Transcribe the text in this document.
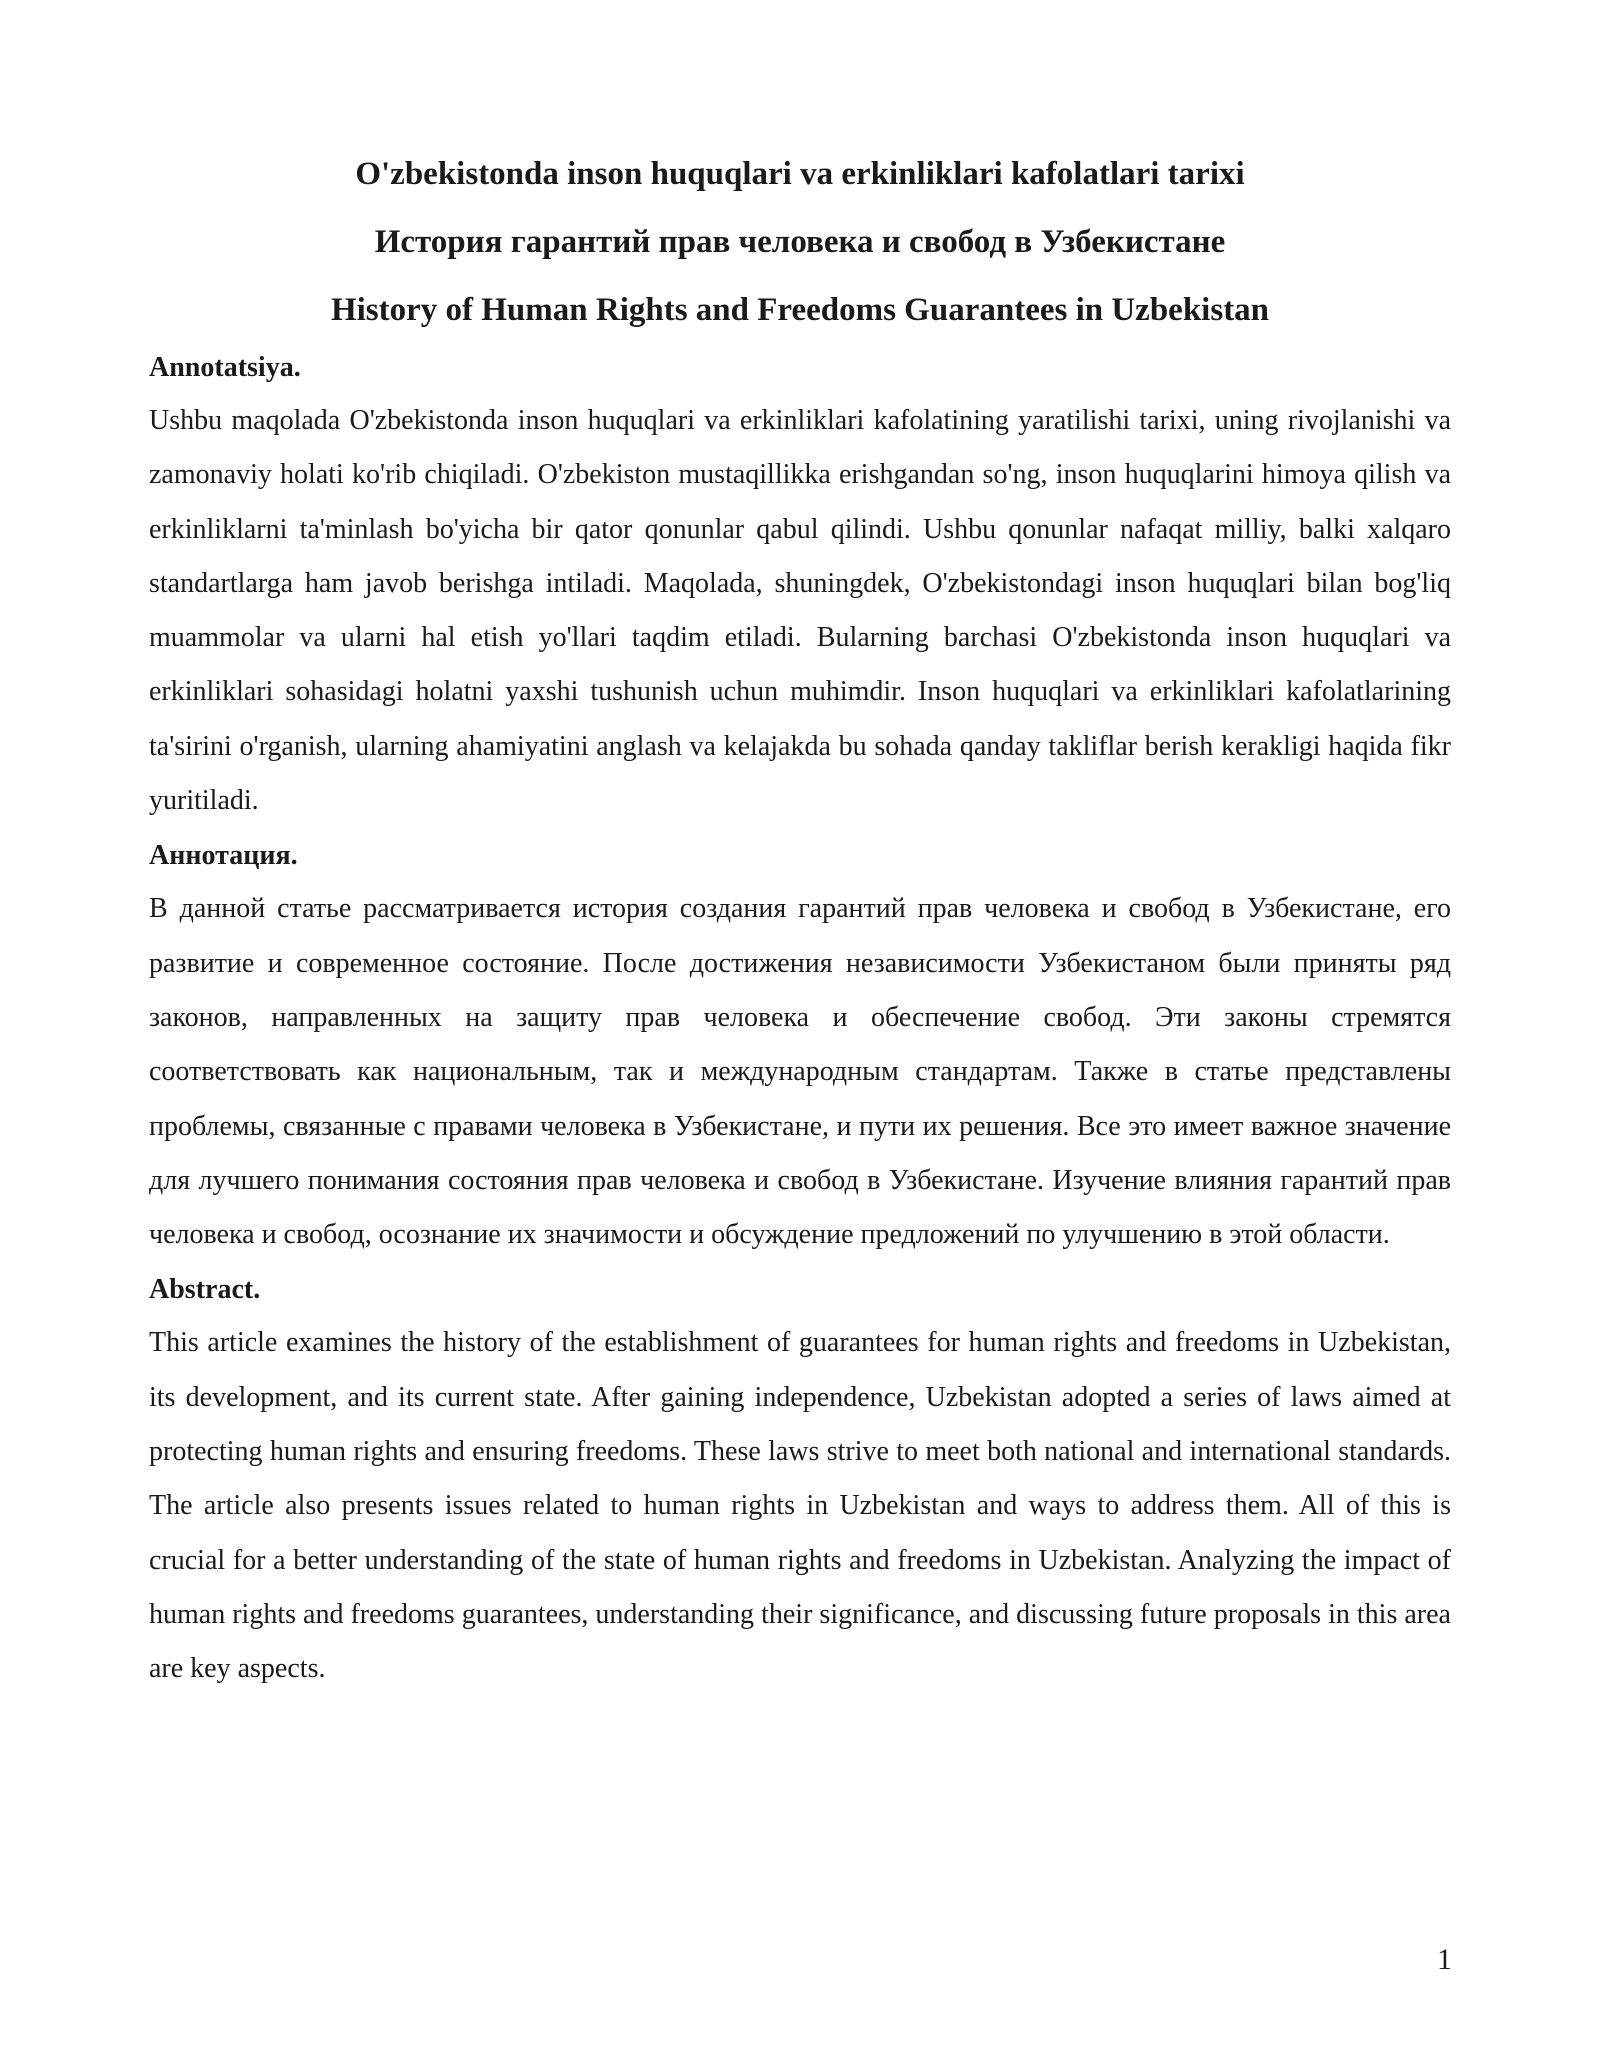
O'zbekistonda inson huquqlari va erkinliklari kafolatlari tarixi
История гарантий прав человека и свобод в Узбекистане
History of Human Rights and Freedoms Guarantees in Uzbekistan
Annotatsiya.

Ushbu maqolada O'zbekistonda inson huquqlari va erkinliklari kafolatining yaratilishi tarixi, uning rivojlanishi va zamonaviy holati ko'rib chiqiladi. O'zbekiston mustaqillikka erishgandan so'ng, inson huquqlarini himoya qilish va erkinliklarni ta'minlash bo'yicha bir qator qonunlar qabul qilindi. Ushbu qonunlar nafaqat milliy, balki xalqaro standartlarga ham javob berishga intiladi. Maqolada, shuningdek, O'zbekistondagi inson huquqlari bilan bog'liq muammolar va ularni hal etish yo'llari taqdim etiladi. Bularning barchasi O'zbekistonda inson huquqlari va erkinliklari sohasidagi holatni yaxshi tushunish uchun muhimdir. Inson huquqlari va erkinliklari kafolatlarining ta'sirini o'rganish, ularning ahamiyatini anglash va kelajakda bu sohada qanday takliflar berish kerakligi haqida fikr yuritiladi.

Аннотация.

В данной статье рассматривается история создания гарантий прав человека и свобод в Узбекистане, его развитие и современное состояние. После достижения независимости Узбекистаном были приняты ряд законов, направленных на защиту прав человека и обеспечение свобод. Эти законы стремятся соответствовать как национальным, так и международным стандартам. Также в статье представлены проблемы, связанные с правами человека в Узбекистане, и пути их решения. Все это имеет важное значение для лучшего понимания состояния прав человека и свобод в Узбекистане. Изучение влияния гарантий прав человека и свобод, осознание их значимости и обсуждение предложений по улучшению в этой области.

Abstract.

This article examines the history of the establishment of guarantees for human rights and freedoms in Uzbekistan, its development, and its current state. After gaining independence, Uzbekistan adopted a series of laws aimed at protecting human rights and ensuring freedoms. These laws strive to meet both national and international standards. The article also presents issues related to human rights in Uzbekistan and ways to address them. All of this is crucial for a better understanding of the state of human rights and freedoms in Uzbekistan. Analyzing the impact of human rights and freedoms guarantees, understanding their significance, and discussing future proposals in this area are key aspects.

1
